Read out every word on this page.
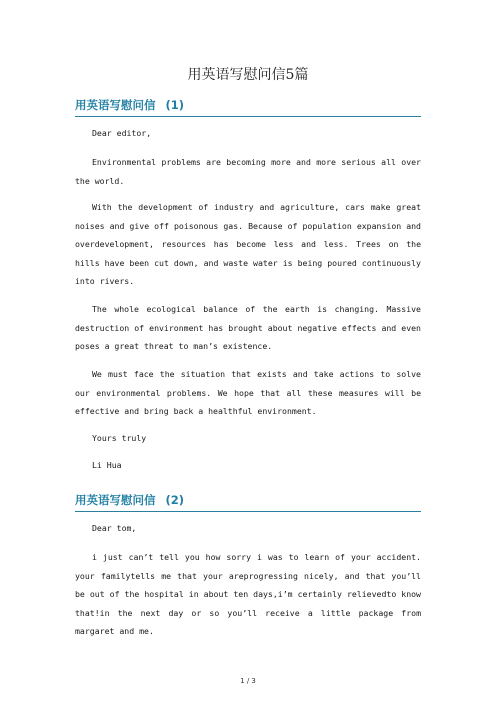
用英语写慰问信5篇
用英语写慰问信 (1)
Dear editor,
Environmental problems are becoming more and more serious all over the world.
With the development of industry and agriculture, cars make great noises and give off poisonous gas. Because of population expansion and overdevelopment, resources has become less and less. Trees on the hills have been cut down, and waste water is being poured continuously into rivers.
The whole ecological balance of the earth is changing. Massive destruction of environment has brought about negative effects and even poses a great threat to man’s existence.
We must face the situation that exists and take actions to solve our environmental problems. We hope that all these measures will be effective and bring back a healthful environment.
Yours truly
Li Hua
用英语写慰问信 (2)
Dear tom,
i just can’t tell you how sorry i was to learn of your accident. your familytells me that your areprogressing nicely, and that you’ll be out of the hospital in about ten days,i’m certainly relievedto know that!in the next day or so you’ll receive a little package from margaret and me.
1 / 3
